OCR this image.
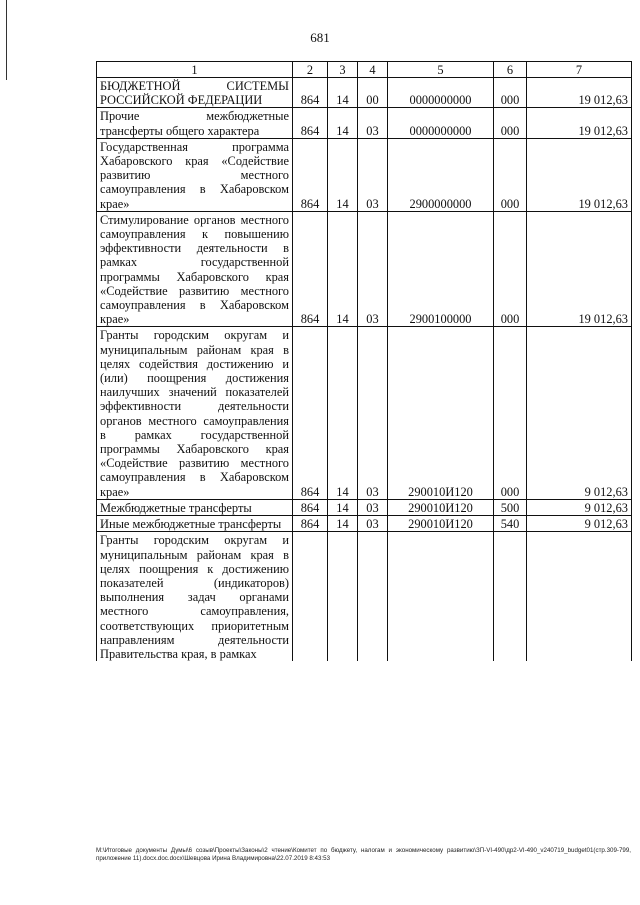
681
1	2	3	4	5	6	7
БЮДЖЕТНОЙ СИСТЕМЫ РОССИЙСКОЙ ФЕДЕРАЦИИ	864	14	00	0000000000	000	19 012,63
Прочие межбюджетные трансферты общего характера	864	14	03	0000000000	000	19 012,63
Государственная программа Хабаровского края «Содействие развитию местного самоуправления в Хабаровском крае»	864	14	03	2900000000	000	19 012,63
Стимулирование органов местного самоуправления к повышению эффективности деятельности в рамках государственной программы Хабаровского края «Содействие развитию местного самоуправления в Хабаровском крае»	864	14	03	2900100000	000	19 012,63
Гранты городским округам и муниципальным районам края в целях содействия достижению и (или) поощрения достижения наилучших значений показателей эффективности деятельности органов местного самоуправления в рамках государственной программы Хабаровского края «Содействие развитию местного самоуправления в Хабаровском крае»	864	14	03	290010И120	000	9 012,63
Межбюджетные трансферты	864	14	03	290010И120	500	9 012,63
Иные межбюджетные трансферты	864	14	03	290010И120	540	9 012,63
Гранты городским округам и муниципальным районам края в целях поощрения к достижению показателей (индикаторов) выполнения задач органами местного самоуправления, соответствующих приоритетным направлениям деятельности Правительства края, в рамках						
М:\Итоговые документы Думы\6 созыв\Проекты\Законы\2 чтение\Комитет по бюджету, налогам и экономическому развитию\ЗП-VI-490\др2-VI-490_v240719_budget01(стр.309-799, приложение 11).docx.doc.docx\Шевцова Ирина Владимировна\22.07.2019 8:43:53
